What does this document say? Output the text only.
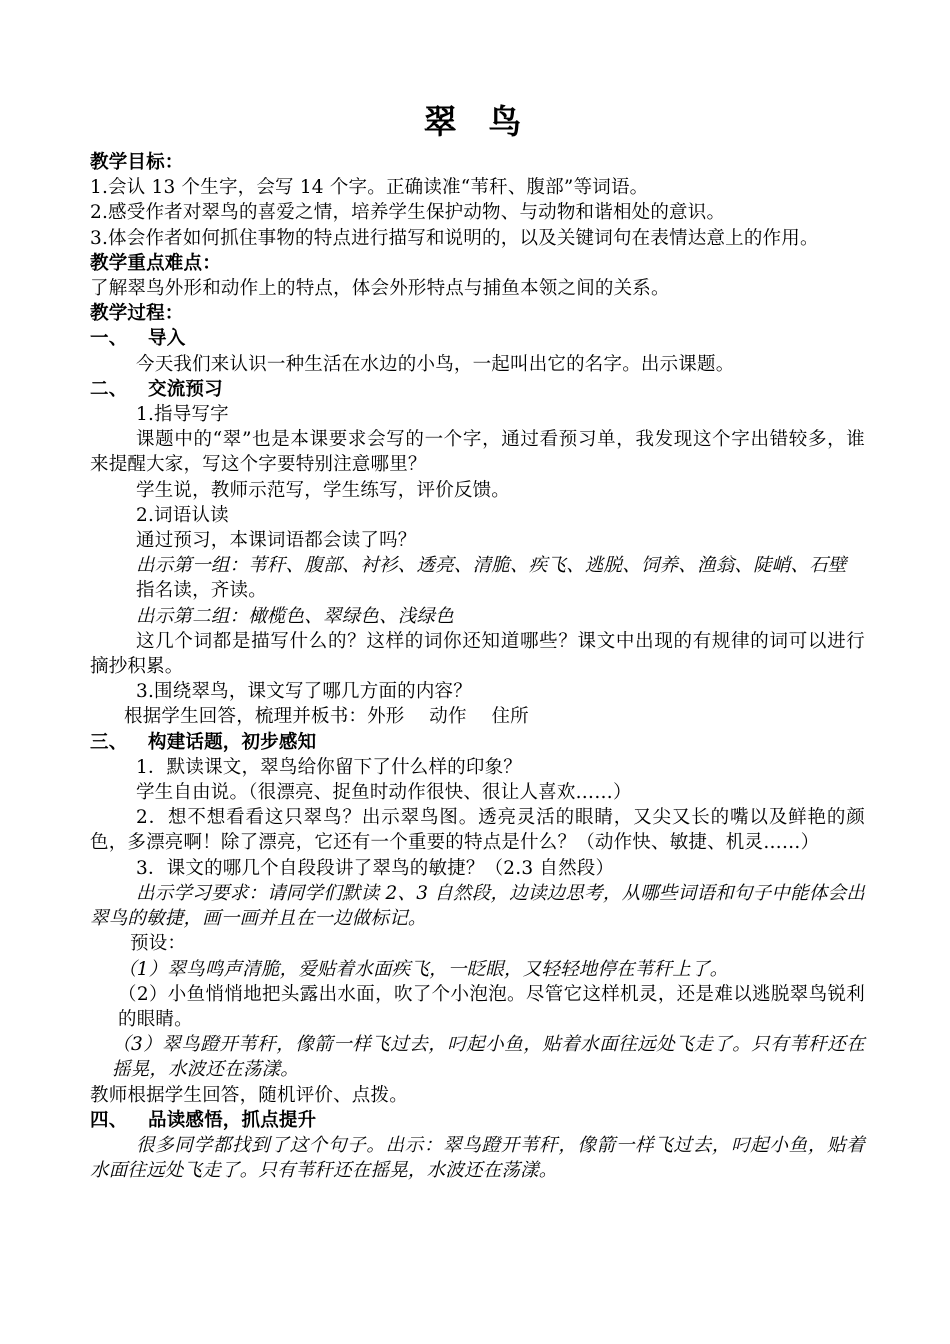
翠 鸟

教学目标：

1.会认 13 个生字，会写 14 个字。正确读准“苇秆、腹部”等词语。

2.感受作者对翠鸟的喜爱之情，培养学生保护动物、与动物和谐相处的意识。

3.体会作者如何抓住事物的特点进行描写和说明的，以及关键词句在表情达意上的作用。

教学重点难点：

了解翠鸟外形和动作上的特点，体会外形特点与捕鱼本领之间的关系。

教学过程：

一、 导入

今天我们来认识一种生活在水边的小鸟，一起叫出它的名字。出示课题。

二、 交流预习

1.指导写字

课题中的“翠”也是本课要求会写的一个字，通过看预习单，我发现这个字出错较多，谁来提醒大家，写这个字要特别注意哪里？

学生说，教师示范写，学生练写，评价反馈。

2.词语认读

通过预习，本课词语都会读了吗？

出示第一组：苇秆、腹部、衬衫、透亮、清脆、疾飞、逃脱、饲养、渔翁、陡峭、石壁

指名读，齐读。

出示第二组：橄榄色、翠绿色、浅绿色

这几个词都是描写什么的？这样的词你还知道哪些？课文中出现的有规律的词可以进行摘抄积累。

3.围绕翠鸟，课文写了哪几方面的内容？

根据学生回答，梳理并板书：外形　 动作　 住所

三、 构建话题，初步感知

1．默读课文，翠鸟给你留下了什么样的印象？

学生自由说。（很漂亮、捉鱼时动作很快、很让人喜欢……）

2．想不想看看这只翠鸟？出示翠鸟图。透亮灵活的眼睛，又尖又长的嘴以及鲜艳的颜色，多漂亮啊！除了漂亮，它还有一个重要的特点是什么？（动作快、敏捷、机灵……）

3．课文的哪几个自段段讲了翠鸟的敏捷？（2.3 自然段）

出示学习要求：请同学们默读 2、3 自然段，边读边思考，从哪些词语和句子中能体会出翠鸟的敏捷，画一画并且在一边做标记。

预设：

（1）翠鸟鸣声清脆，爱贴着水面疾飞，一眨眼，又轻轻地停在苇秆上了。

（2）小鱼悄悄地把头露出水面，吹了个小泡泡。尽管它这样机灵，还是难以逃脱翠鸟锐利的眼睛。

（3）翠鸟蹬开苇秆，像箭一样飞过去，叼起小鱼，贴着水面往远处飞走了。只有苇秆还在摇晃，水波还在荡漾。

教师根据学生回答，随机评价、点拨。

四、 品读感悟，抓点提升

很多同学都找到了这个句子。出示：翠鸟蹬开苇秆，像箭一样飞过去，叼起小鱼，贴着水面往远处飞走了。只有苇秆还在摇晃，水波还在荡漾。
